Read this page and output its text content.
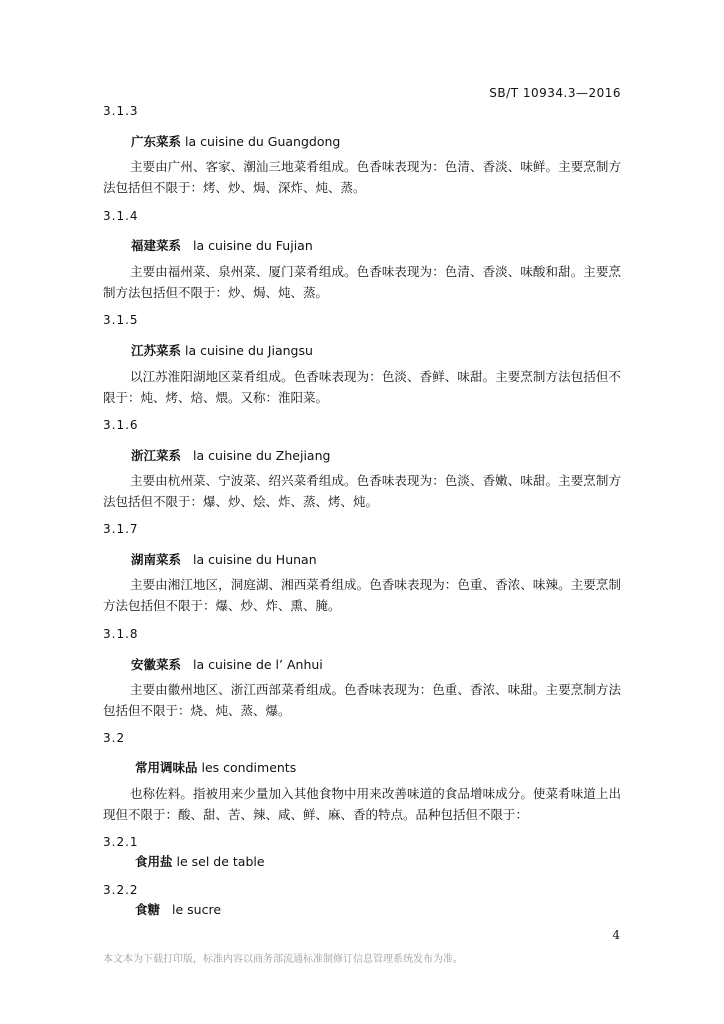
SB/T 10934.3—2016
3.1.3
广东菜系 la cuisine du Guangdong
主要由广州、客家、潮汕三地菜肴组成。色香味表现为：色清、香淡、味鲜。主要烹制方法包括但不限于：烤、炒、焗、深炸、炖、蒸。
3.1.4
福建菜系 la cuisine du Fujian
主要由福州菜、泉州菜、厦门菜肴组成。色香味表现为：色清、香淡、味酸和甜。主要烹制方法包括但不限于：炒、焗、炖、蒸。
3.1.5
江苏菜系 la cuisine du Jiangsu
以江苏淮阳湖地区菜肴组成。色香味表现为：色淡、香鲜、味甜。主要烹制方法包括但不限于：炖、烤、焙、煨。又称：淮阳菜。
3.1.6
浙江菜系 la cuisine du Zhejiang
主要由杭州菜、宁波菜、绍兴菜肴组成。色香味表现为：色淡、香嫩、味甜。主要烹制方法包括但不限于：爆、炒、烩、炸、蒸、烤、炖。
3.1.7
湖南菜系 la cuisine du Hunan
主要由湘江地区，洞庭湖、湘西菜肴组成。色香味表现为：色重、香浓、味辣。主要烹制方法包括但不限于：爆、炒、炸、熏、腌。
3.1.8
安徽菜系 la cuisine de l’ Anhui
主要由徽州地区、浙江西部菜肴组成。色香味表现为：色重、香浓、味甜。主要烹制方法包括但不限于：烧、炖、蒸、爆。
3.2
常用调味品 les condiments
也称佐料。指被用来少量加入其他食物中用来改善味道的食品增味成分。使菜肴味道上出现但不限于：酸、甜、苦、辣、咸、鲜、麻、香的特点。品种包括但不限于：
3.2.1
食用盐 le sel de table
3.2.2
食糖 le sucre
4
本文本为下载打印版，标准内容以商务部流通标准制修订信息管理系统发布为准。
